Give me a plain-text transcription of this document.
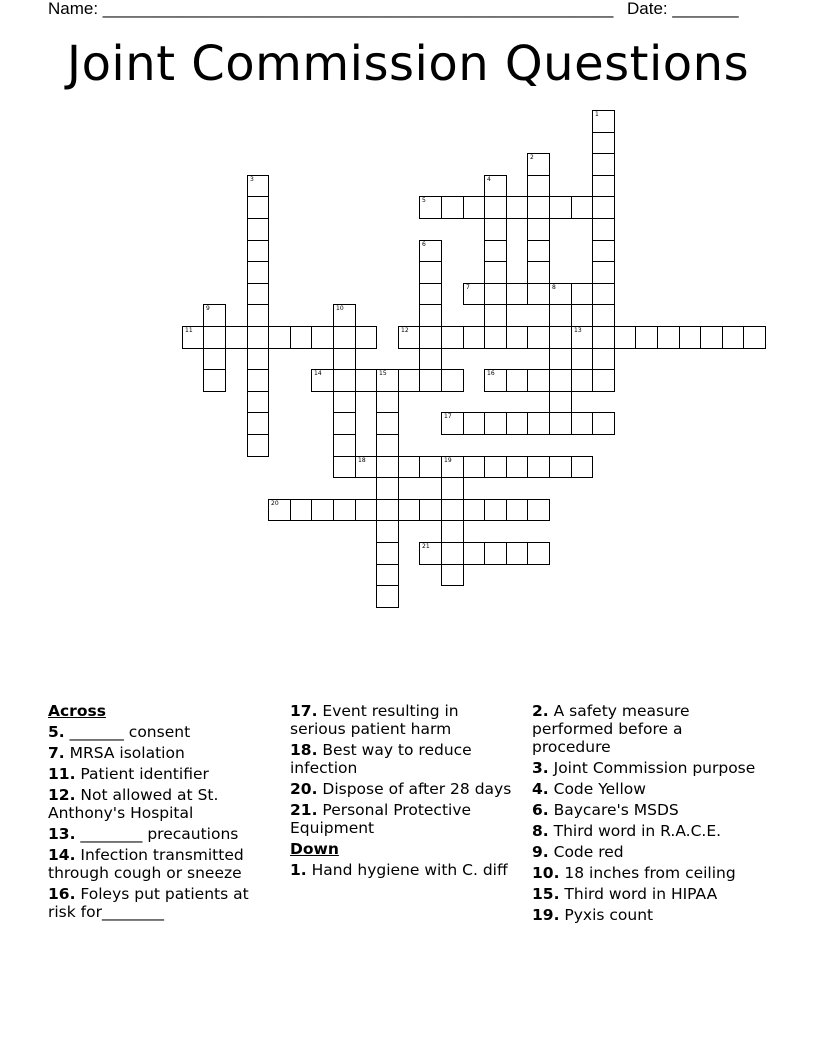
Name: ______________________________________________________ Date: _______
Joint Commission Questions
1
2
3	4
5
6
7	8
9	10
11	12	13
14	15	16
17
18	19
20
21
Across
5. _______ consent
7. MRSA isolation
11. Patient identifier
12. Not allowed at St. Anthony's Hospital
13. ________ precautions
14. Infection transmitted through cough or sneeze
16. Foleys put patients at risk for________
17. Event resulting in serious patient harm
18. Best way to reduce infection
20. Dispose of after 28 days
21. Personal Protective Equipment
Down
1. Hand hygiene with C. diff
2. A safety measure performed before a procedure
3. Joint Commission purpose
4. Code Yellow
6. Baycare's MSDS
8. Third word in R.A.C.E.
9. Code red
10. 18 inches from ceiling
15. Third word in HIPAA
19. Pyxis count
